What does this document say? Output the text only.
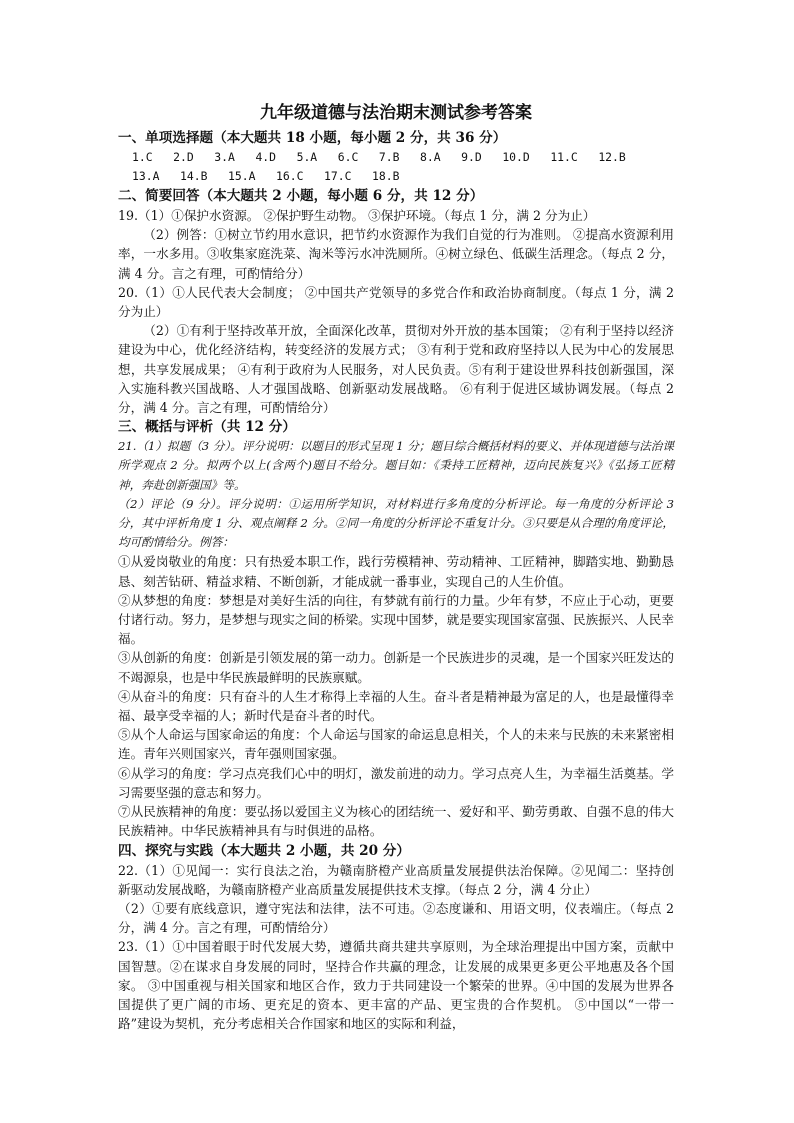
九年级道德与法治期末测试参考答案
一、单项选择题（本大题共 18 小题，每小题 2 分，共 36 分）
1.C   2.D   3.A   4.D   5.A   6.C   7.B   8.A   9.D   10.D   11.C   12.B
13.A   14.B   15.A   16.C   17.C   18.B
二、简要回答（本大题共 2 小题，每小题 6 分，共 12 分）

19.（1）①保护水资源。 ②保护野生动物。 ③保护环境。（每点 1 分，满 2 分为止）

（2）例答：①树立节约用水意识，把节约水资源作为我们自觉的行为准则。 ②提高水资源利用率，一水多用。③收集家庭洗菜、淘米等污水冲洗厕所。④树立绿色、低碳生活理念。（每点 2 分，满 4 分。言之有理，可酌情给分）

20.（1）①人民代表大会制度； ②中国共产党领导的多党合作和政治协商制度。（每点 1 分，满 2 分为止）

（2）①有利于坚持改革开放，全面深化改革，贯彻对外开放的基本国策； ②有利于坚持以经济建设为中心，优化经济结构，转变经济的发展方式； ③有利于党和政府坚持以人民为中心的发展思想，共享发展成果； ④有利于政府为人民服务，对人民负责。⑤有利于建设世界科技创新强国，深入实施科教兴国战略、人才强国战略、创新驱动发展战略。 ⑥有利于促进区域协调发展。（每点 2 分，满 4 分。言之有理，可酌情给分）

三、概括与评析（共 12 分）

21.（1）拟题（3 分）。评分说明：以题目的形式呈现 1 分；题目综合概括材料的要义、并体现道德与法治课所学观点 2 分。拟两个以上(含两个)题目不给分。题目如：《秉持工匠精神，迈向民族复兴》《弘扬工匠精神，奔赴创新强国》等。

（2）评论（9 分）。评分说明：①运用所学知识，对材料进行多角度的分析评论。每一角度的分析评论 3 分，其中评析角度 1 分、观点阐释 2 分。②同一角度的分析评论不重复计分。③只要是从合理的角度评论，均可酌情给分。例答：

①从爱岗敬业的角度：只有热爱本职工作，践行劳模精神、劳动精神、工匠精神，脚踏实地、勤勤恳恳、刻苦钻研、精益求精、不断创新，才能成就一番事业，实现自己的人生价值。

②从梦想的角度：梦想是对美好生活的向往，有梦就有前行的力量。少年有梦，不应止于心动，更要付诸行动。努力，是梦想与现实之间的桥梁。实现中国梦，就是要实现国家富强、民族振兴、人民幸福。

③从创新的角度：创新是引领发展的第一动力。创新是一个民族进步的灵魂，是一个国家兴旺发达的不竭源泉，也是中华民族最鲜明的民族禀赋。

④从奋斗的角度：只有奋斗的人生才称得上幸福的人生。奋斗者是精神最为富足的人，也是最懂得幸福、最享受幸福的人；新时代是奋斗者的时代。

⑤从个人命运与国家命运的角度：个人命运与国家的命运息息相关，个人的未来与民族的未来紧密相连。青年兴则国家兴，青年强则国家强。

⑥从学习的角度：学习点亮我们心中的明灯，激发前进的动力。学习点亮人生，为幸福生活奠基。学习需要坚强的意志和努力。

⑦从民族精神的角度：要弘扬以爱国主义为核心的团结统一、爱好和平、勤劳勇敢、自强不息的伟大民族精神。中华民族精神具有与时俱进的品格。

四、探究与实践（本大题共 2 小题，共 20 分）

22.（1）①见闻一：实行良法之治，为赣南脐橙产业高质量发展提供法治保障。②见闻二：坚持创新驱动发展战略，为赣南脐橙产业高质量发展提供技术支撑。（每点 2 分，满 4 分止）

（2）①要有底线意识，遵守宪法和法律，法不可违。②态度谦和、用语文明，仪表端庄。（每点 2 分，满 4 分。言之有理，可酌情给分）

23.（1）①中国着眼于时代发展大势，遵循共商共建共享原则，为全球治理提出中国方案，贡献中国智慧。②在谋求自身发展的同时，坚持合作共赢的理念，让发展的成果更多更公平地惠及各个国家。 ③中国重视与相关国家和地区合作，致力于共同建设一个繁荣的世界。④中国的发展为世界各国提供了更广阔的市场、更充足的资本、更丰富的产品、更宝贵的合作契机。 ⑤中国以“一带一路”建设为契机，充分考虑相关合作国家和地区的实际和利益，
